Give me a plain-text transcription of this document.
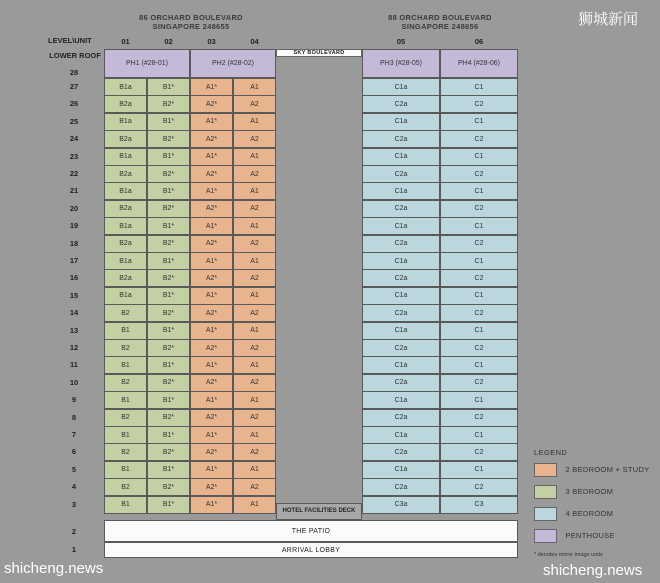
86 ORCHARD BOULEVARD
SINGAPORE 248655
88 ORCHARD BOULEVARD
SINGAPORE 248656	狮城新闻
LEVEL\UNIT	01	02	03	04	05	06
LOWER ROOF
28
PH1 (#28-01)	PH2 (#28-02)	PH3 (#28-05)	PH4 (#28-06)
SKY BOULEVARD
27	B1a	B1*	A1*	A1	C1a	C1
26	B2a	B2*	A2*	A2	C2a	C2
25	B1a	B1*	A1*	A1	C1a	C1
24	B2a	B2*	A2*	A2	C2a	C2
23	B1a	B1*	A1*	A1	C1a	C1
22	B2a	B2*	A2*	A2	C2a	C2
21	B1a	B1*	A1*	A1	C1a	C1
20	B2a	B2*	A2*	A2	C2a	C2
19	B1a	B1*	A1*	A1	C1a	C1
18	B2a	B2*	A2*	A2	C2a	C2
17	B1a	B1*	A1*	A1	C1a	C1
16	B2a	B2*	A2*	A2	C2a	C2
15	B1a	B1*	A1*	A1	C1a	C1
14	B2	B2*	A2*	A2	C2a	C2
13	B1	B1*	A1*	A1	C1a	C1
12	B2	B2*	A2*	A2	C2a	C2
11	B1	B1*	A1*	A1	C1a	C1
10	B2	B2*	A2*	A2	C2a	C2
9	B1	B1*	A1*	A1	C1a	C1
8	B2	B2*	A2*	A2	C2a	C2
7	B1	B1*	A1*	A1	C1a	C1
6	B2	B2*	A2*	A2	C2a	C2
5	B1	B1*	A1*	A1	C1a	C1
4	B2	B2*	A2*	A2	C2a	C2
3	B1	B1*	A1*	A1	C3a	C3
HOTEL FACILITIES DECK
2	THE PATIO
1	ARRIVAL LOBBY
LEGEND
2 BEDROOM + STUDY
3 BEDROOM
4 BEDROOM
PENTHOUSE
* denotes mirror image units
shicheng.news	shicheng.news
